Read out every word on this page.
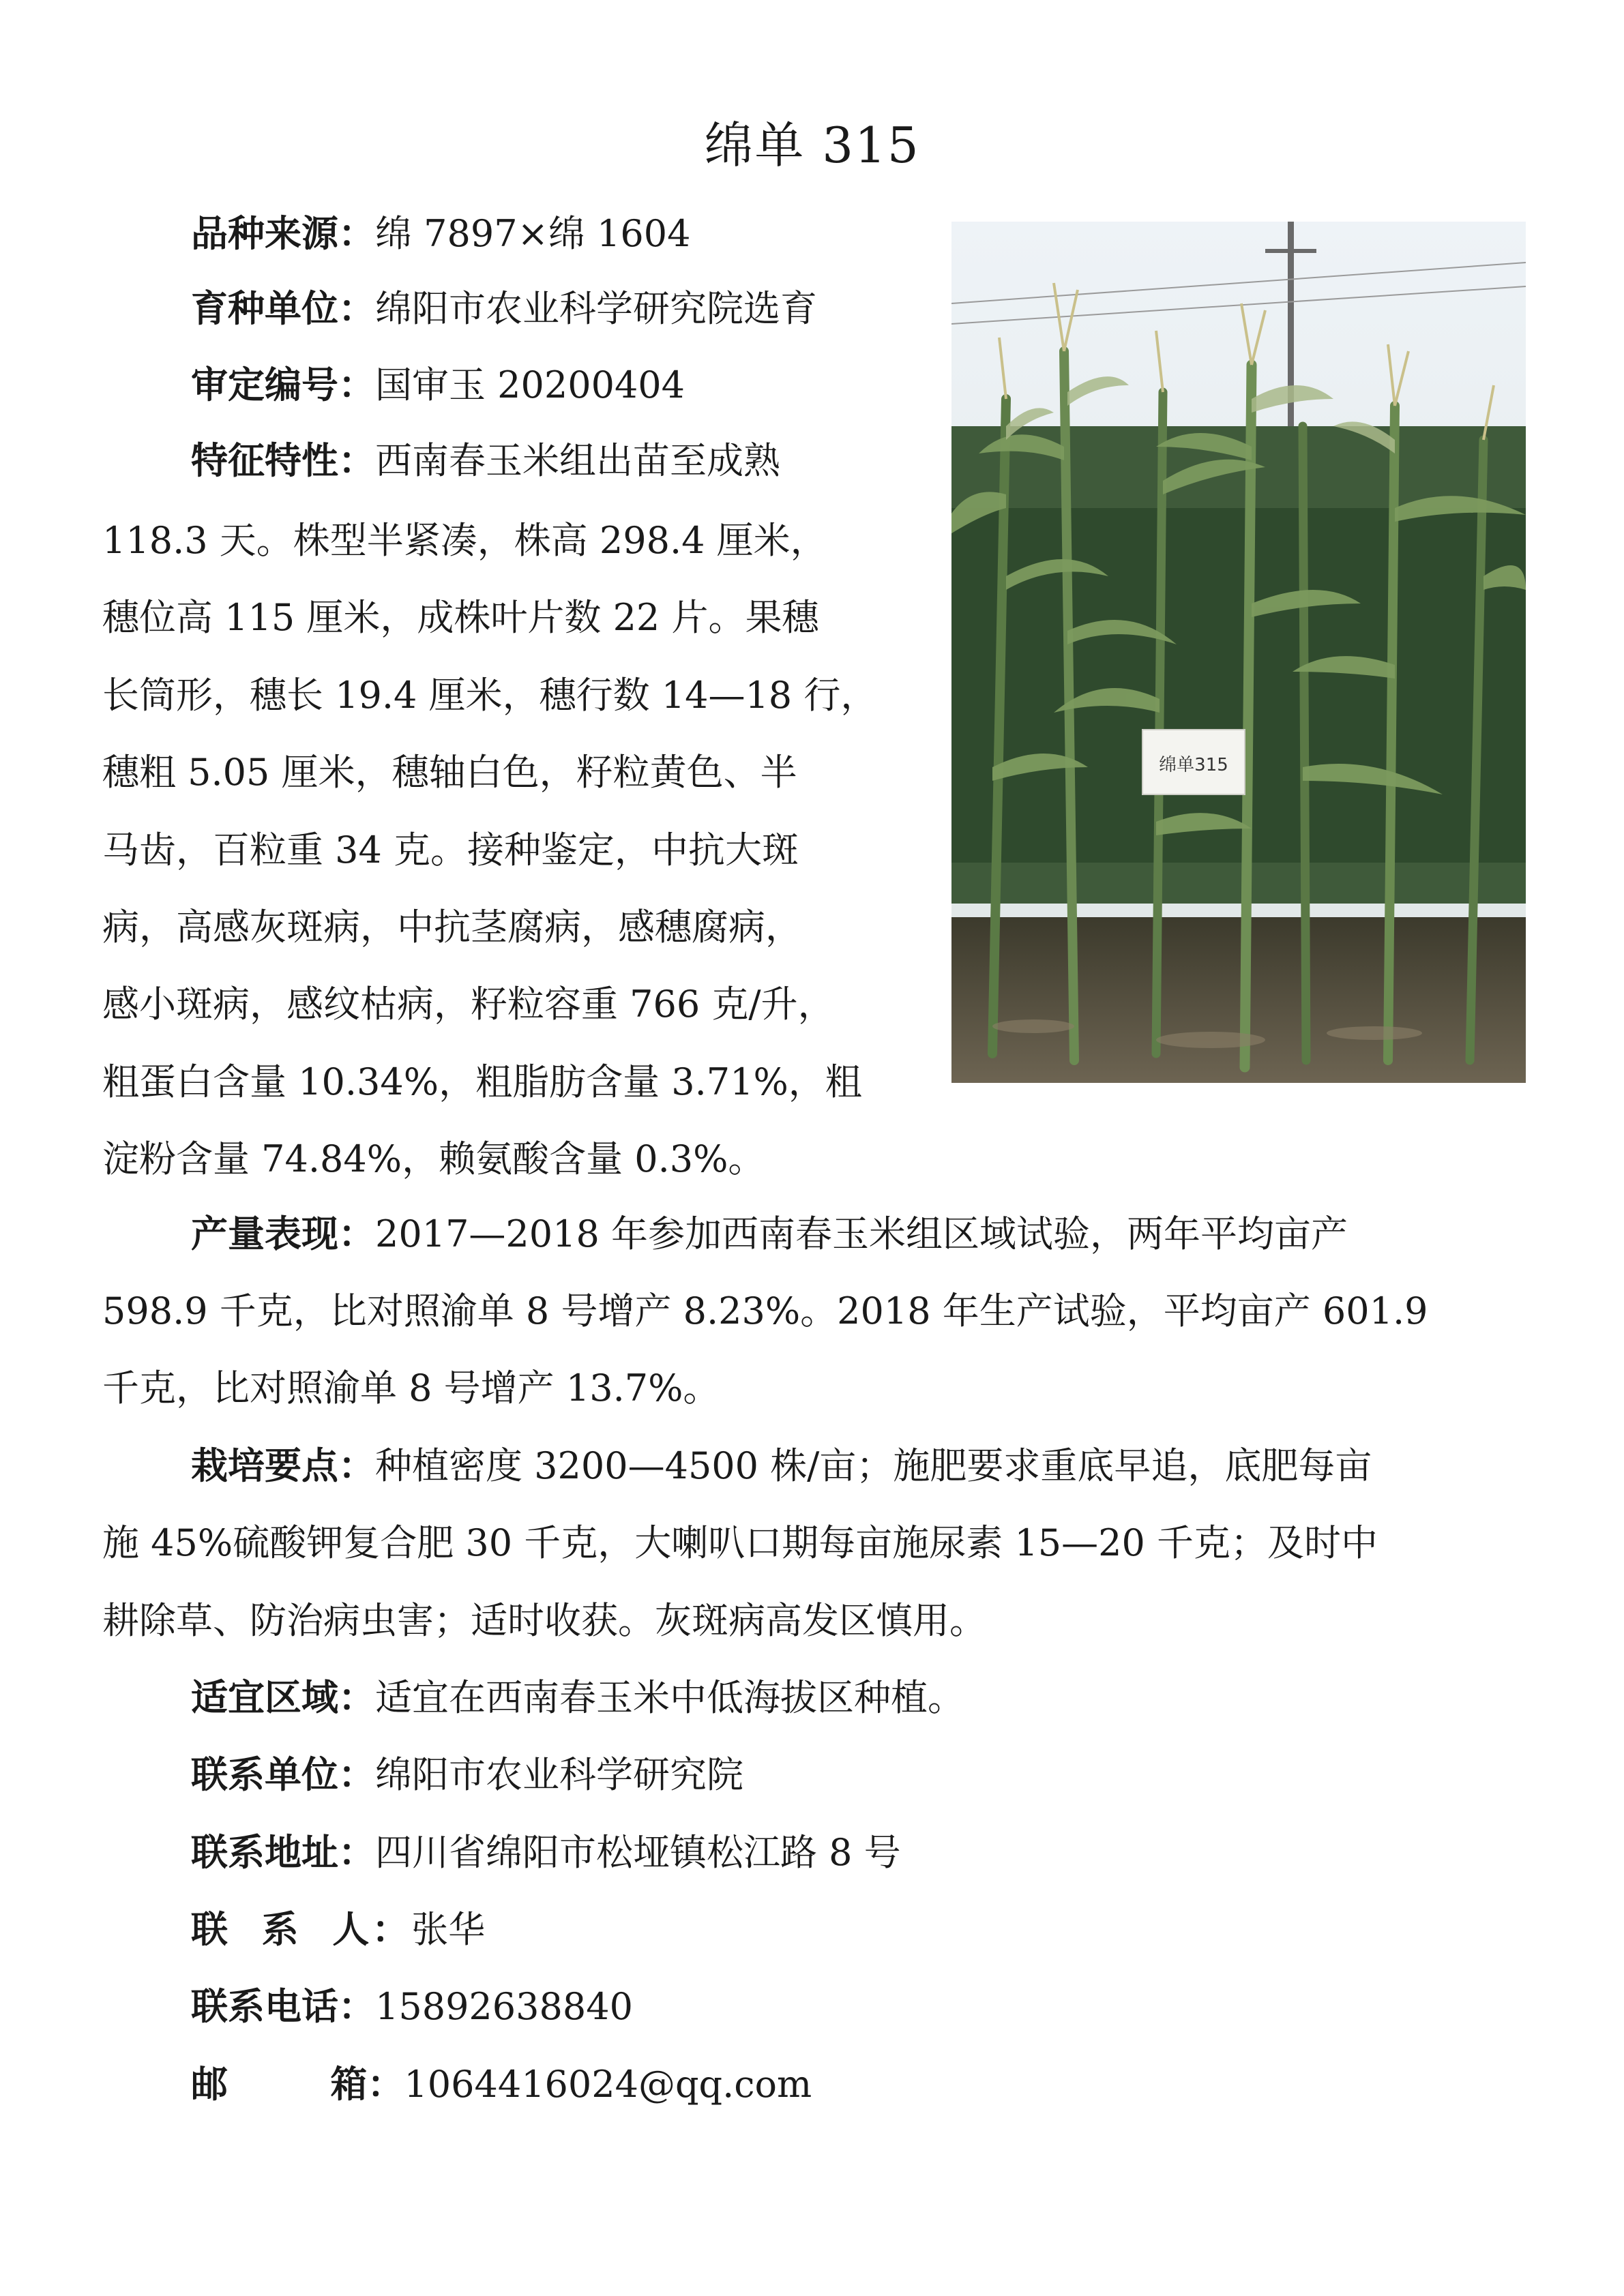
绵单 315
品种来源：绵 7897×绵 1604
育种单位：绵阳市农业科学研究院选育
审定编号：国审玉 20200404
特征特性：西南春玉米组出苗至成熟
118.3 天。株型半紧凑，株高 298.4 厘米，
穗位高 115 厘米，成株叶片数 22 片。果穗
长筒形，穗长 19.4 厘米，穗行数 14—18 行，
穗粗 5.05 厘米，穗轴白色，籽粒黄色、半
马齿，百粒重 34 克。接种鉴定，中抗大斑
病，高感灰斑病，中抗茎腐病，感穗腐病，
感小斑病，感纹枯病，籽粒容重 766 克/升，
粗蛋白含量 10.34%，粗脂肪含量 3.71%，粗
淀粉含量 74.84%，赖氨酸含量 0.3%。
产量表现：2017—2018 年参加西南春玉米组区域试验，两年平均亩产
598.9 千克，比对照渝单 8 号增产 8.23%。2018 年生产试验，平均亩产 601.9
千克，比对照渝单 8 号增产 13.7%。
栽培要点：种植密度 3200—4500 株/亩；施肥要求重底早追，底肥每亩
施 45%硫酸钾复合肥 30 千克，大喇叭口期每亩施尿素 15—20 千克；及时中
耕除草、防治病虫害；适时收获。灰斑病高发区慎用。
适宜区域：适宜在西南春玉米中低海拔区种植。
联系单位：绵阳市农业科学研究院
联系地址：四川省绵阳市松垭镇松江路 8 号
联  系  人：张华
联系电话：15892638840
邮        箱：1064416024@qq.com
绵单315
